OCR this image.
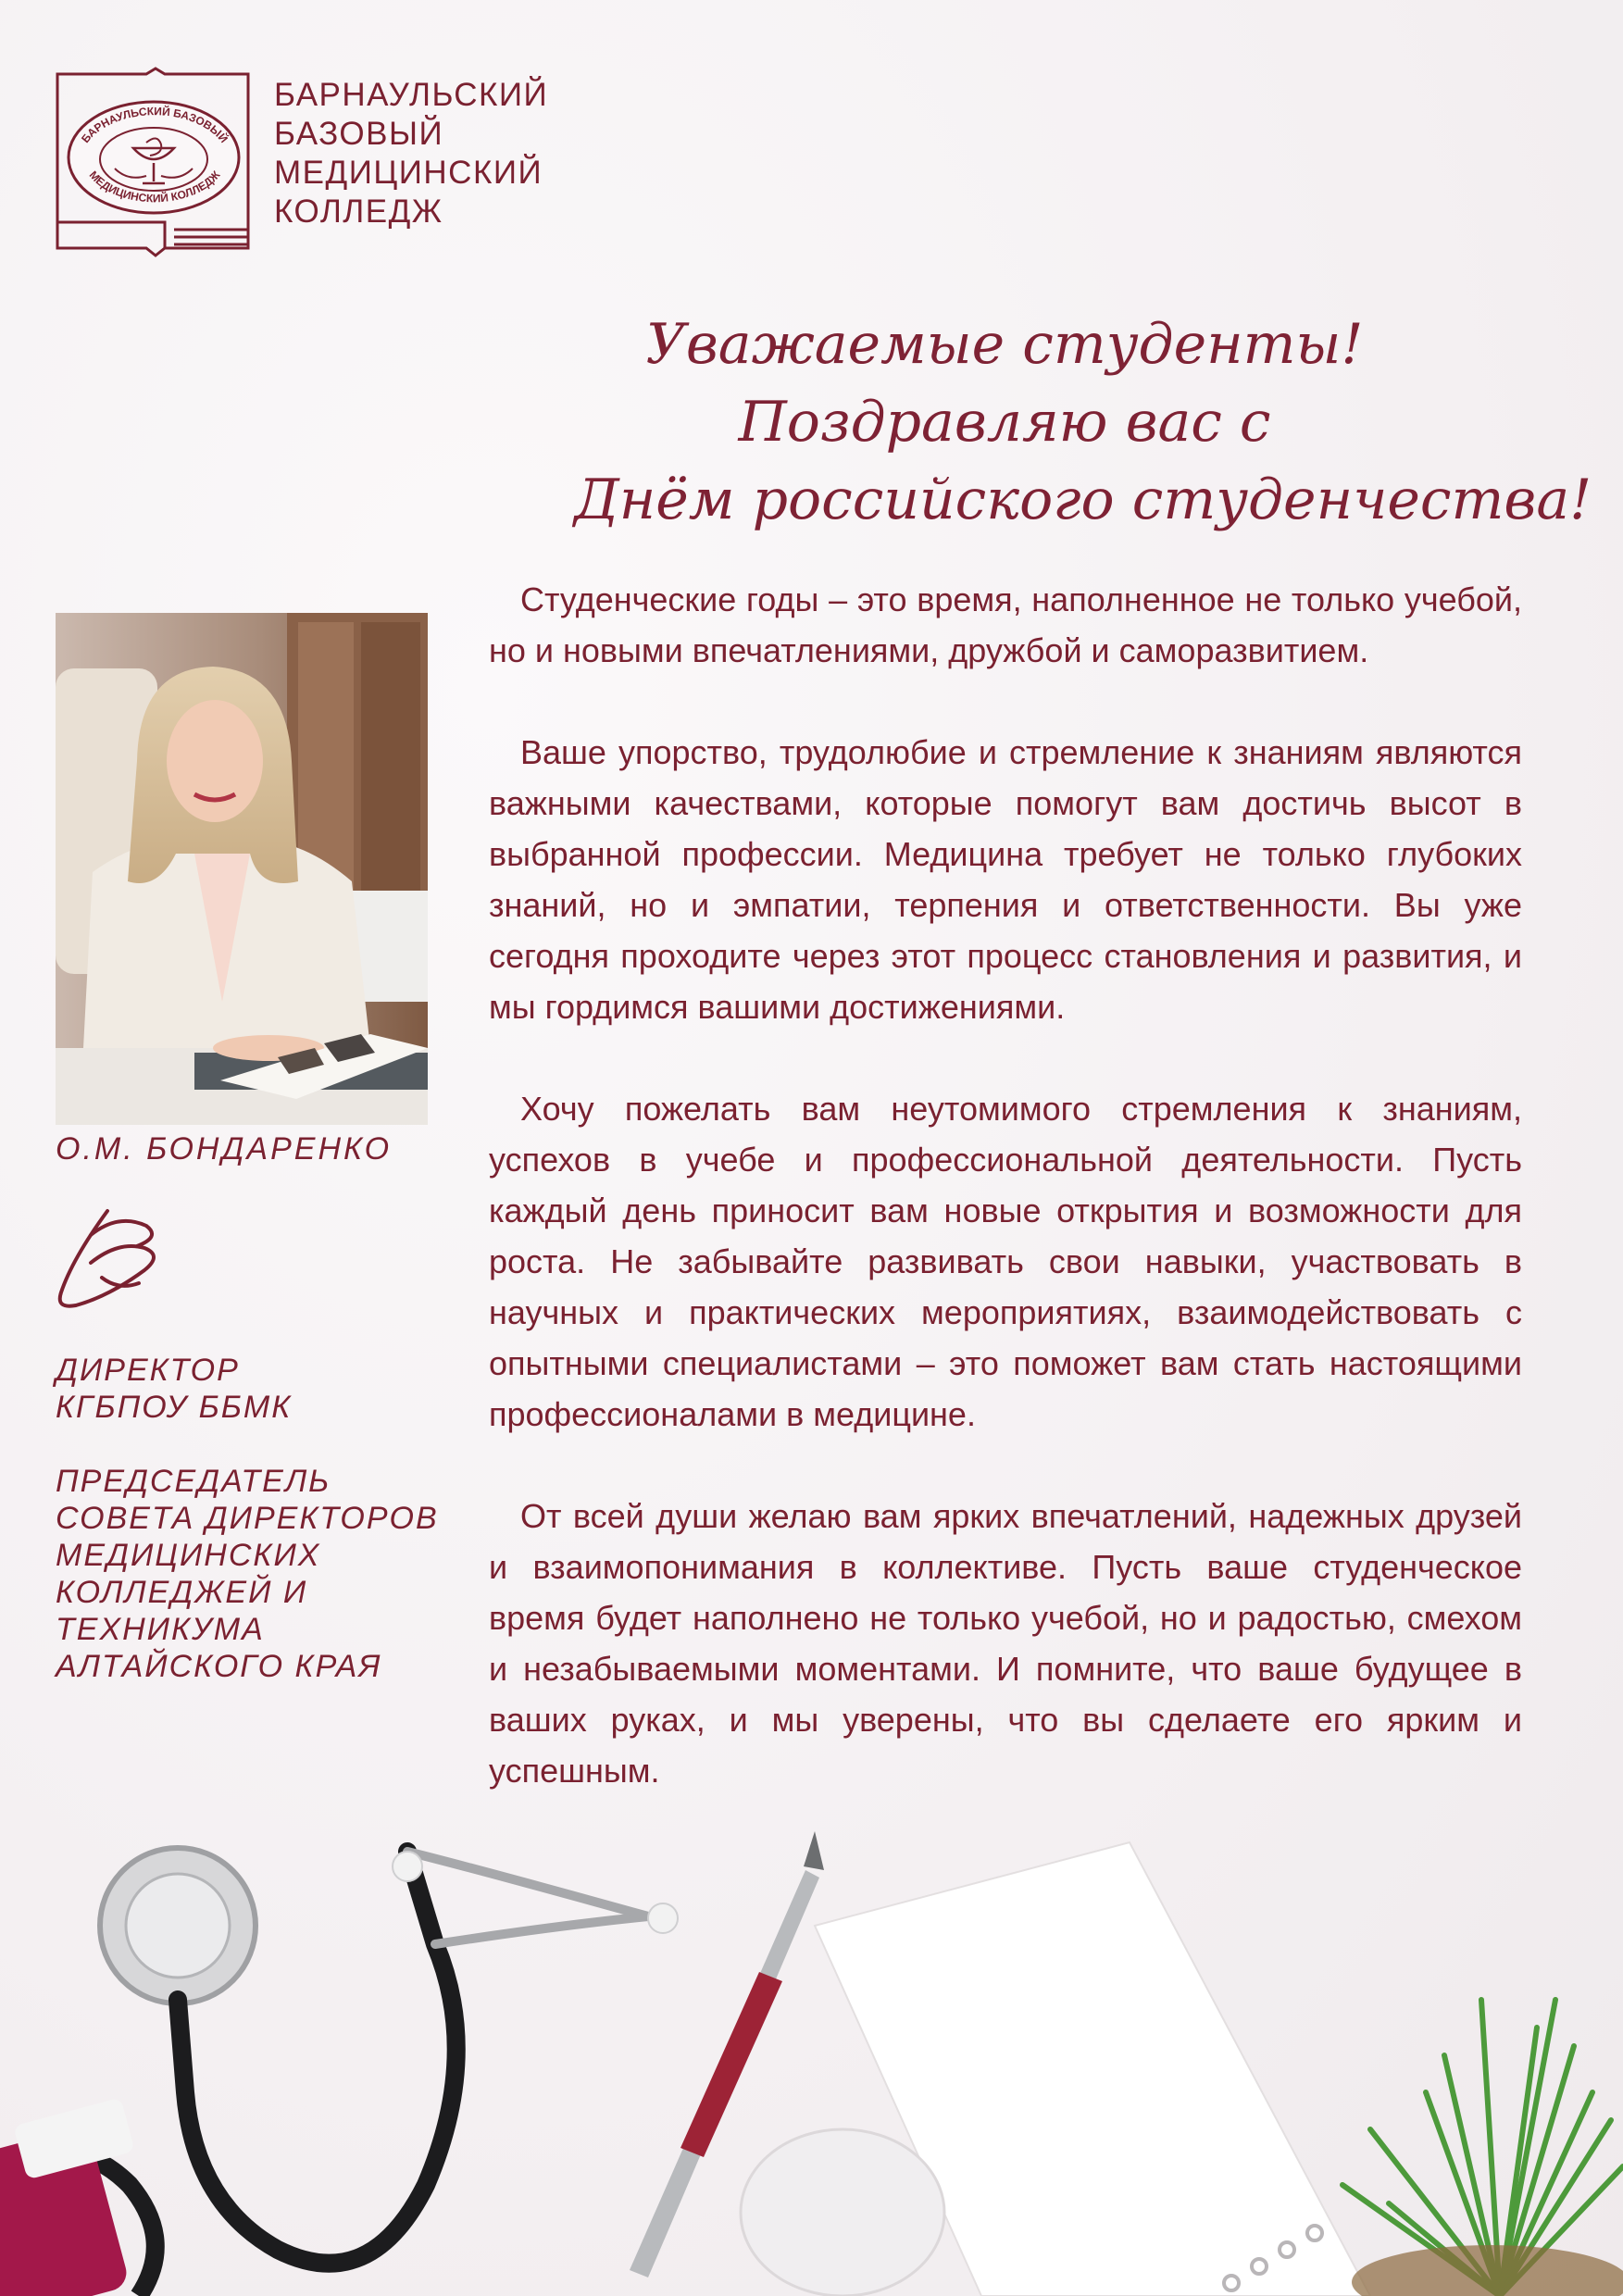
БАРНАУЛЬСКИЙ БАЗОВЫЙ
МЕДИЦИНСКИЙ КОЛЛЕДЖ
БАРНАУЛЬСКИЙ
БАЗОВЫЙ
МЕДИЦИНСКИЙ
КОЛЛЕДЖ
Уважаемые студенты!
Поздравляю вас с
Днём российского студенчества!
О.М. БОНДАРЕНКО
ДИРЕКТОР
КГБПОУ ББМК
ПРЕДСЕДАТЕЛЬ
СОВЕТА ДИРЕКТОРОВ
МЕДИЦИНСКИХ
КОЛЛЕДЖЕЙ И
ТЕХНИКУМА
АЛТАЙСКОГО КРАЯ

Студенческие годы – это время, наполненное не только учебой, но и новыми впечатлениями, дружбой и саморазвитием.

Ваше упорство, трудолюбие и стремление к знаниям являются важными качествами, которые помогут вам достичь высот в выбранной профессии. Медицина требует не только глубоких знаний, но и эмпатии, терпения и ответственности. Вы уже сегодня проходите через этот процесс становления и развития, и мы гордимся вашими достижениями.

Хочу пожелать вам неутомимого стремления к знаниям, успехов в учебе и профессиональной деятельности. Пусть каждый день приносит вам новые открытия и возможности для роста. Не забывайте развивать свои навыки, участвовать в научных и практических мероприятиях, взаимодействовать с опытными специалистами – это поможет вам стать настоящими профессионалами в медицине.

От всей души желаю вам ярких впечатлений, надежных друзей и взаимопонимания в коллективе. Пусть ваше студенческое время будет наполнено не только учебой, но и радостью, смехом и незабываемыми моментами. И помните, что ваше будущее в ваших руках, и мы уверены, что вы сделаете его ярким и успешным.
